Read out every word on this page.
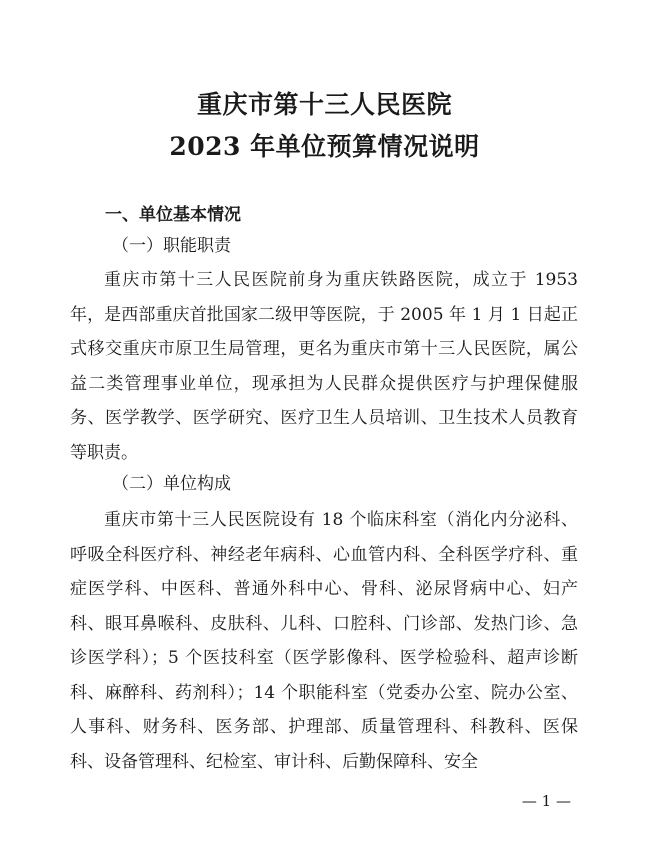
重庆市第十三人民医院
2023 年单位预算情况说明
一、单位基本情况
（一）职能职责

重庆市第十三人民医院前身为重庆铁路医院，成立于 1953 年，是西部重庆首批国家二级甲等医院，于 2005 年 1 月 1 日起正式移交重庆市原卫生局管理，更名为重庆市第十三人民医院，属公益二类管理事业单位，现承担为人民群众提供医疗与护理保健服务、医学教学、医学研究、医疗卫生人员培训、卫生技术人员教育等职责。

（二）单位构成

重庆市第十三人民医院设有 18 个临床科室（消化内分泌科、呼吸全科医疗科、神经老年病科、心血管内科、全科医学疗科、重症医学科、中医科、普通外科中心、骨科、泌尿肾病中心、妇产科、眼耳鼻喉科、皮肤科、儿科、口腔科、门诊部、发热门诊、急诊医学科）；5 个医技科室（医学影像科、医学检验科、超声诊断科、麻醉科、药剂科）；14 个职能科室（党委办公室、院办公室、人事科、财务科、医务部、护理部、质量管理科、科教科、医保科、设备管理科、纪检室、审计科、后勤保障科、安全

— 1 —
